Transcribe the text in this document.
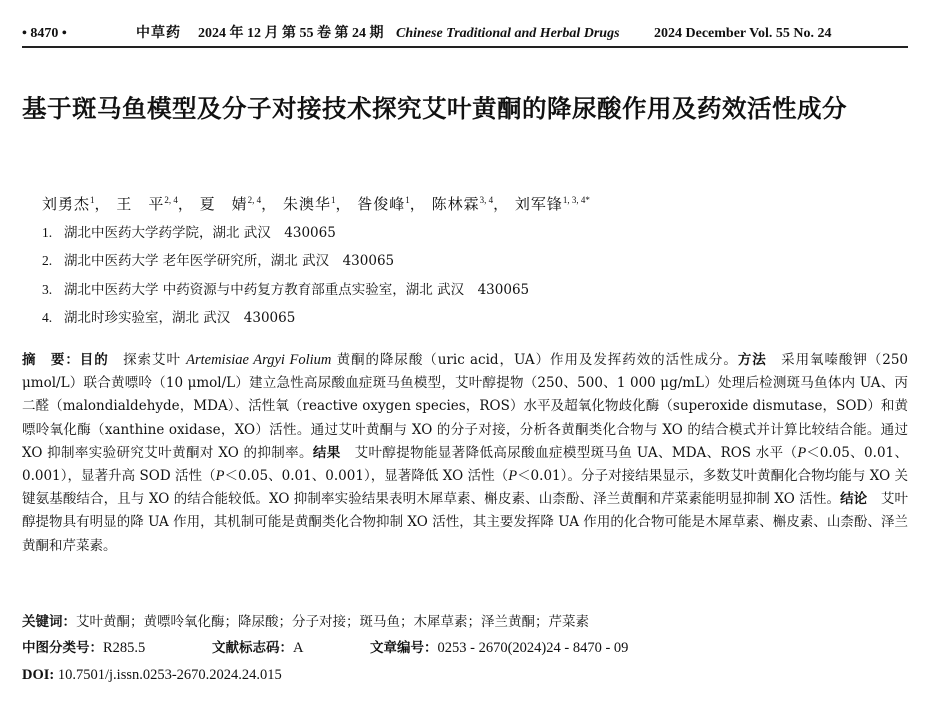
• 8470 •	中草药 2024 年 12 月 第 55 卷 第 24 期 Chinese Traditional and Herbal Drugs 2024 December Vol. 55 No. 24
基于斑马鱼模型及分子对接技术探究艾叶黄酮的降尿酸作用及药效活性成分
刘勇杰$^1$， 王　平$^{2, 4}$， 夏　婧$^{2, 4}$， 朱澳华$^1$， 昝俊峰$^1$， 陈林霖$^{3, 4}$， 刘军锋$^{1, 3, 4*}$
1. 湖北中医药大学药学院，湖北 武汉　430065
2. 湖北中医药大学 老年医学研究所，湖北 武汉　430065
3. 湖北中医药大学 中药资源与中药复方教育部重点实验室，湖北 武汉　430065
4. 湖北时珍实验室，湖北 武汉　430065

摘　要：目的　探索艾叶 Artemisiae Argyi Folium 黄酮的降尿酸（uric acid，UA）作用及发挥药效的活性成分。方法　采用氧嗪酸钾（250 μmol/L）联合黄嘌呤（10 μmol/L）建立急性高尿酸血症斑马鱼模型，艾叶醇提物（250、500、1 000 μg/mL）处理后检测斑马鱼体内 UA、丙二醛（malondialdehyde，MDA）、活性氧（reactive oxygen species，ROS）水平及超氧化物歧化酶（superoxide dismutase，SOD）和黄嘌呤氧化酶（xanthine oxidase，XO）活性。通过艾叶黄酮与 XO 的分子对接，分析各黄酮类化合物与 XO 的结合模式并计算比较结合能。通过 XO 抑制率实验研究艾叶黄酮对 XO 的抑制率。结果　艾叶醇提物能显著降低高尿酸血症模型斑马鱼 UA、MDA、ROS 水平（P＜0.05、0.01、0.001），显著升高 SOD 活性（P＜0.05、0.01、0.001），显著降低 XO 活性（P＜0.01）。分子对接结果显示，多数艾叶黄酮化合物均能与 XO 关键氨基酸结合，且与 XO 的结合能较低。XO 抑制率实验结果表明木犀草素、槲皮素、山柰酚、泽兰黄酮和芹菜素能明显抑制 XO 活性。结论　艾叶醇提物具有明显的降 UA 作用，其机制可能是黄酮类化合物抑制 XO 活性，其主要发挥降 UA 作用的化合物可能是木犀草素、槲皮素、山柰酚、泽兰黄酮和芹菜素。

关键词：艾叶黄酮；黄嘌呤氧化酶；降尿酸；分子对接；斑马鱼；木犀草素；泽兰黄酮；芹菜素
中图分类号：R285.5	文献标志码：A	文章编号：0253 - 2670(2024)24 - 8470 - 09
DOI: 10.7501/j.issn.0253-2670.2024.24.015
